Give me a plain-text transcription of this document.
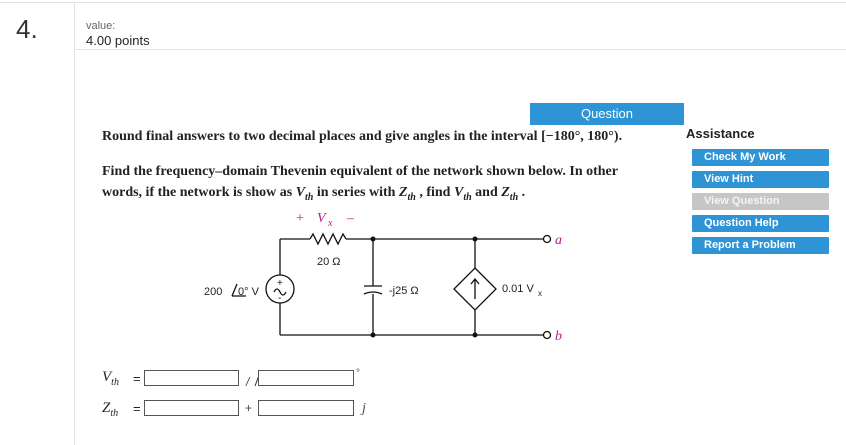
4.	value:
4.00 points
Question
Round final answers to two decimal places and give angles in the interval [−180°, 180°).
Find the frequency–domain Thevenin equivalent of the network shown below. In other
words, if the network is show as $V_{th}$ in series with $Z_{th}$ , find $V_{th}$ and $Z_{th}$ .
Assistance
Check My Work
View Hint
View Question
Question Help
Report a Problem
+
-
+ V x –
a
b
20 Ω
200 0° V	-j25 Ω	0.01 V x
$V_{th}$ =	/
°
$Z_{th}$ =	+	j
